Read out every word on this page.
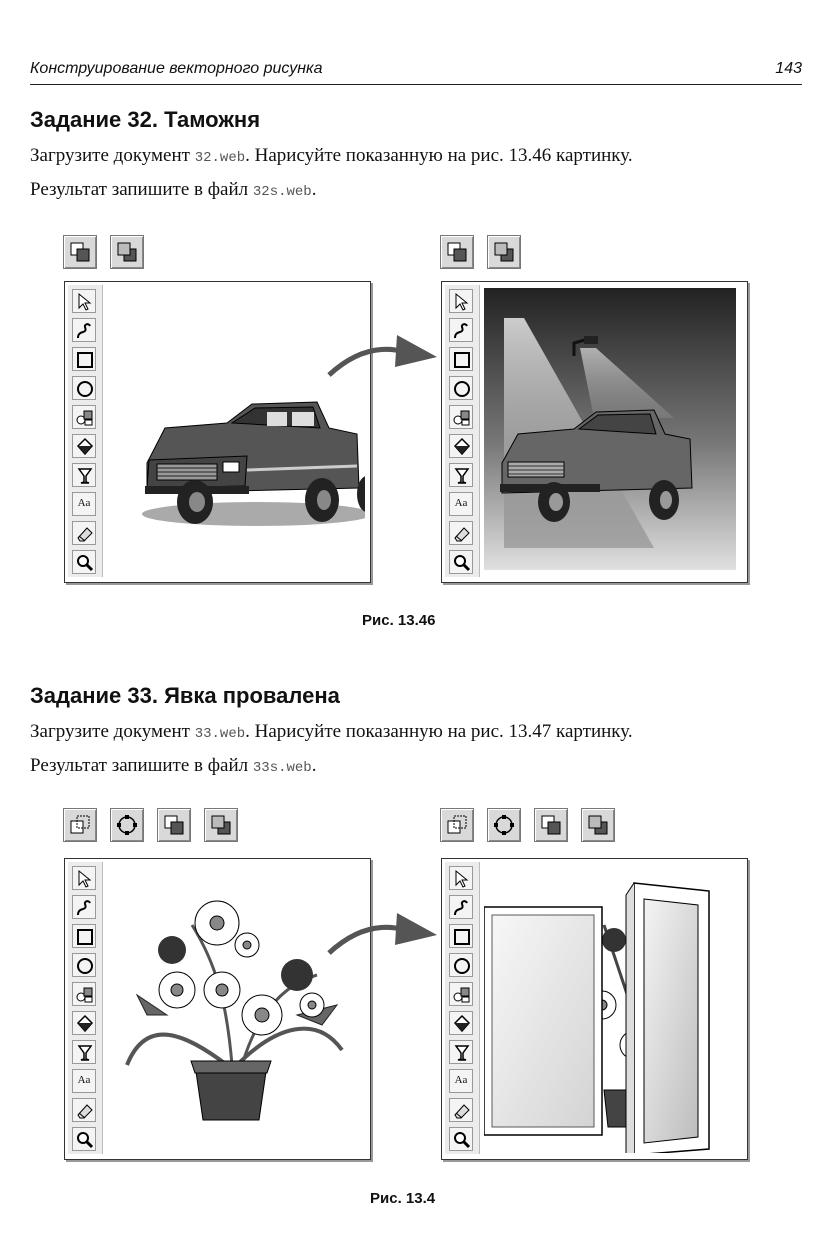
Конструирование векторного рисунка	143
Задание 32. Таможня

Загрузите документ 32.web. Нарисуйте показанную на рис. 13.46 картинку.
Результат запишите в файл 32s.web.

Aa	Aa
Рис. 13.46
Задание 33. Явка провалена

Загрузите документ 33.web. Нарисуйте показанную на рис. 13.47 картинку.
Результат запишите в файл 33s.web.

Aa	Aa
Рис. 13.4
